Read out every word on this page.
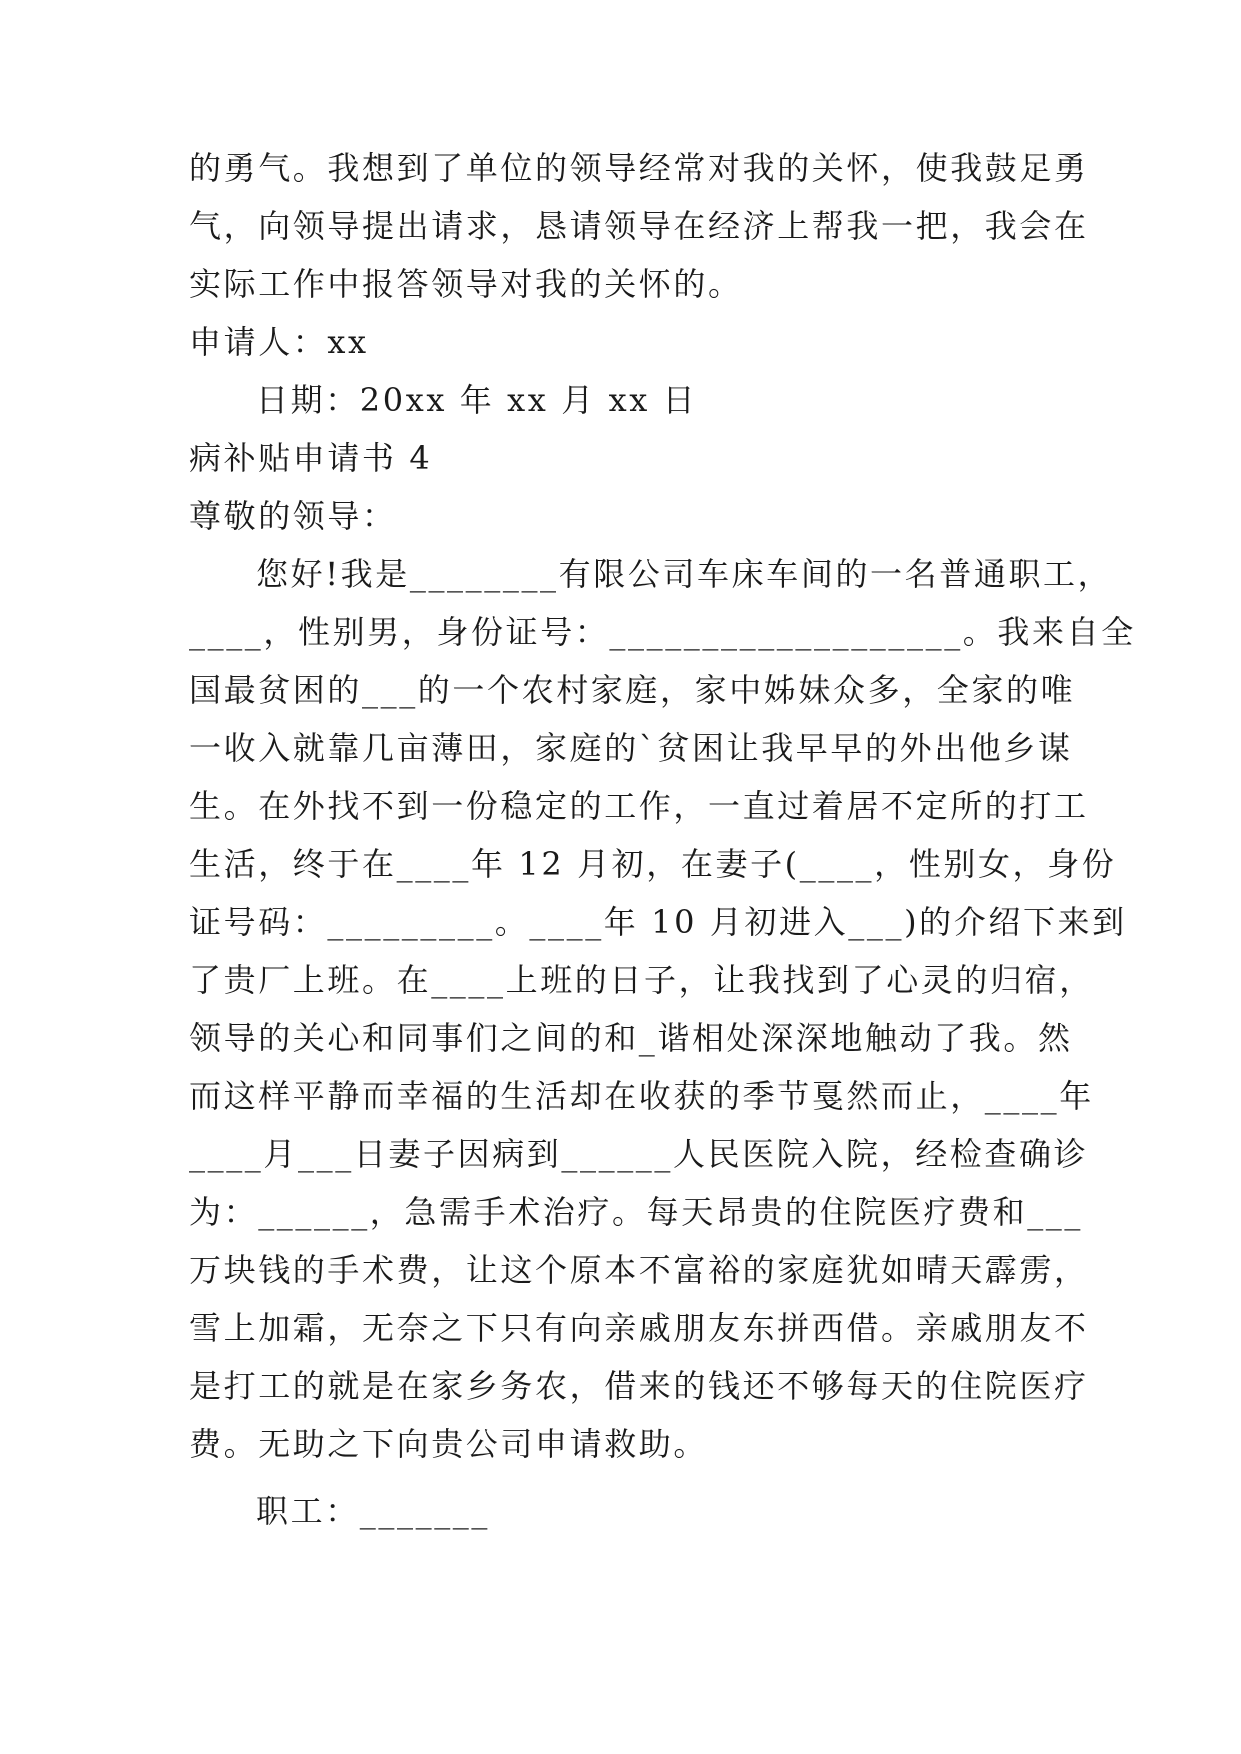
的勇气。我想到了单位的领导经常对我的关怀，使我鼓足勇
气，向领导提出请求，恳请领导在经济上帮我一把，我会在
实际工作中报答领导对我的关怀的。
申请人：xx
日期：20xx 年 xx 月 xx 日
病补贴申请书 4
尊敬的领导：
您好!我是________有限公司车床车间的一名普通职工，
____，性别男，身份证号：___________________。我来自全
国最贫困的___的一个农村家庭，家中姊妹众多，全家的唯
一收入就靠几亩薄田，家庭的`贫困让我早早的外出他乡谋
生。在外找不到一份稳定的工作，一直过着居不定所的打工
生活，终于在____年 12 月初，在妻子(____，性别女，身份
证号码：_________。____年 10 月初进入___)的介绍下来到
了贵厂上班。在____上班的日子，让我找到了心灵的归宿，
领导的关心和同事们之间的和_谐相处深深地触动了我。然
而这样平静而幸福的生活却在收获的季节戛然而止，____年
____月___日妻子因病到______人民医院入院，经检查确诊
为：______，急需手术治疗。每天昂贵的住院医疗费和___
万块钱的手术费，让这个原本不富裕的家庭犹如晴天霹雳，
雪上加霜，无奈之下只有向亲戚朋友东拼西借。亲戚朋友不
是打工的就是在家乡务农，借来的钱还不够每天的住院医疗
费。无助之下向贵公司申请救助。
职工：_______
